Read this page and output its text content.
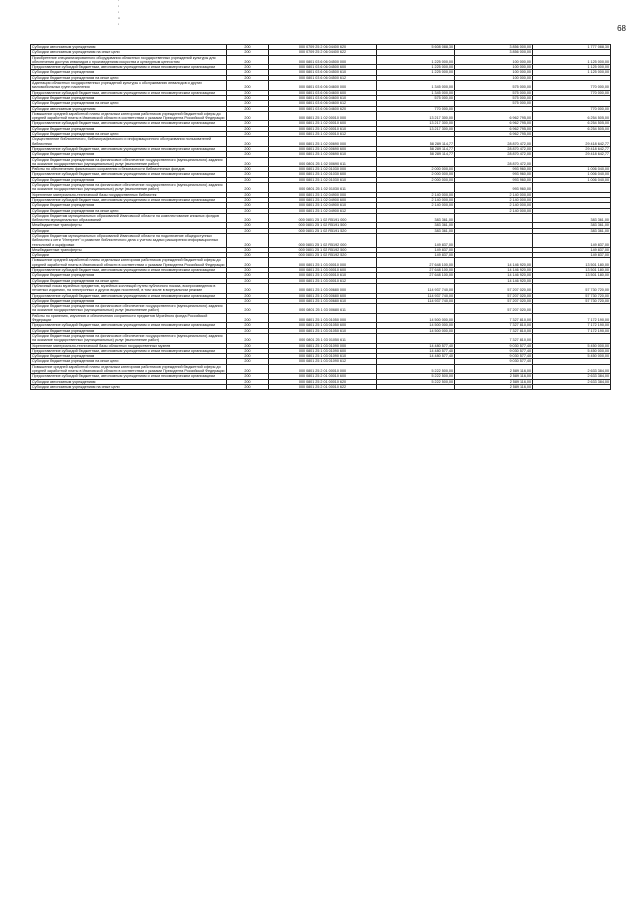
'
'
'
''
'	68
Субсидии автономным учреждениям	200	000 0709 25 2 06 04400 620	5 608 088,30	3 856 000,00	1 777 088,30
Субсидии автономным учреждениям на иные цели	200	000 0709 25 2 06 04400 622		3 856 000,00	
Приобретение специализированного оборудования областных государственных учреждений культуры для обеспечения доступа инвалидов к произведениям искусства и культурным ценностям	200	000 0801 03 6 06 04500 000	1 225 000,00	100 000,00	1 125 000,00
Предоставление субсидий бюджетным, автономным учреждениям и иным некоммерческим организациям	200	000 0801 03 6 06 04500 600	1 225 000,00	100 000,00	1 125 000,00
Субсидии бюджетным учреждениям	200	000 0801 03 6 06 04500 610	1 225 000,00	100 000,00	1 125 000,00
Субсидии бюджетным учреждениям на иные цели	200	000 0801 03 6 06 04500 612		100 000,00	
Адаптация областных государственных учреждений культуры к обслуживанию инвалидов и других маломобильных групп населения	200	000 0801 03 6 06 04600 000	1 345 000,00	575 000,00	770 000,00
Предоставление субсидий бюджетным, автономным учреждениям и иным некоммерческим организациям	200	000 0801 03 6 06 04600 600	1 345 000,00	575 000,00	770 000,00
Субсидии бюджетным учреждениям	200	000 0801 03 6 06 04600 610	575 000,00	575 000,00	
Субсидии бюджетным учреждениям на иные цели	200	000 0801 03 6 06 04600 612		575 000,00	
Субсидии автономным учреждениям	200	000 0801 03 6 06 04600 620	770 000,00		770 000,00
Повышение средней заработной платы отдельным категориям работников учреждений бюджетной сферы до средней заработной платы в Ивановской области в соответствии с указами Президента Российской Федерации	200	000 0801 25 1 02 00010 000	13 217 300,00	6 962 795,00	6 254 505,00
Предоставление субсидий бюджетным, автономным учреждениям и иным некоммерческим организациям	200	000 0801 25 1 02 00010 600	13 217 300,00	6 962 795,00	6 254 505,00
Субсидии бюджетным учреждениям	200	000 0801 25 1 02 00010 610	13 217 300,00	6 962 795,00	6 254 505,00
Субсидии бюджетным учреждениям на иные цели	200	000 0801 25 1 02 00010 612		6 962 795,00	
Осуществление библиотечного, библиографического и информационного обслуживания пользователей библиотеки	200	000 0801 25 1 02 00690 000	58 289 114,77	28 870 472,00	29 418 642,77
Предоставление субсидий бюджетным, автономным учреждениям и иным некоммерческим организациям	200	000 0801 25 1 02 00690 600	58 289 114,77	28 870 472,00	29 418 642,77
Субсидии бюджетным учреждениям	200	000 0801 25 1 02 00690 610	58 289 114,77	28 870 472,00	29 418 642,77
Субсидии бюджетным учреждениям на финансовое обеспечение государственного (муниципального) задания на оказание государственных (муниципальных) услуг (выполнение работ)	200	000 0801 25 1 02 00690 611		28 870 472,00	
Работы по обеспечению физического сохранения и безопасности библиотечных фондов	200	000 0801 25 1 02 01030 000	2 000 000,00	993 960,00	1 006 040,00
Предоставление субсидий бюджетным, автономным учреждениям и иным некоммерческим организациям	200	000 0801 25 1 02 01030 600	2 000 000,00	993 960,00	1 006 040,00
Субсидии бюджетным учреждениям	200	000 0801 25 1 02 01030 610	2 000 000,00	993 960,00	1 006 040,00
Субсидии бюджетным учреждениям на финансовое обеспечение государственного (муниципального) задания на оказание государственных (муниципальных) услуг (выполнение работ)	200	000 0801 25 1 02 01030 611		993 960,00	
Укрепление материально-технической базы государственных библиотек	200	000 0801 25 1 02 04900 000	2 140 000,00	2 140 000,00	
Предоставление субсидий бюджетным, автономным учреждениям и иным некоммерческим организациям	200	000 0801 25 1 02 04900 600	2 140 000,00	2 140 000,00	
Субсидии бюджетным учреждениям	200	000 0801 25 1 02 04900 610	2 140 000,00	2 140 000,00	
Субсидии бюджетным учреждениям на иные цели	200	000 0801 25 1 02 04900 612		2 140 000,00	
Субсидия бюджетам муниципальных образований Ивановской области на комплектование книжных фондов библиотек муниципальных образований	200	000 0801 25 1 02 R5191 000	383 361,00		383 361,00
Межбюджетные трансферты	200	000 0801 25 1 02 R5191 500	383 361,00		383 361,00
Субсидии	200	000 0801 25 1 02 R5191 520	383 361,00		383 361,00
Субсидия бюджетам муниципальных образований Ивановской области на подключение общедоступных библиотек к сети "Интернет" и развитие библиотечного дела с учетом задачи расширения информационных технологий и оцифровки	200	000 0801 25 1 02 R5192 000	149 837,00		149 837,00
Межбюджетные трансферты	200	000 0801 25 1 02 R5192 500	149 837,00		149 837,00
Субсидии	200	000 0801 25 1 02 R5192 520	149 837,00		149 837,00
Повышение средней заработной платы отдельным категориям работников учреждений бюджетной сферы до средней заработной платы в Ивановской области в соответствии с указами Президента Российской Федерации	200	000 0801 25 1 03 00010 000	27 648 100,00	14 146 920,00	13 501 180,00
Предоставление субсидий бюджетным, автономным учреждениям и иным некоммерческим организациям	200	000 0801 25 1 03 00010 600	27 648 100,00	14 146 920,00	13 501 180,00
Субсидии бюджетным учреждениям	200	000 0801 25 1 03 00010 610	27 648 100,00	14 146 920,00	13 501 180,00
Субсидии бюджетным учреждениям на иные цели	200	000 0801 25 1 03 00010 612		14 146 920,00	
Публичный показ музейных предметов, музейных коллекций путем публичного показа, воспроизведения в печатных изданиях, на электронных и других видах носителей, в том числе в виртуальном режиме	200	000 0801 25 1 03 00680 000	114 937 740,00	57 207 020,00	57 730 720,00
Предоставление субсидий бюджетным, автономным учреждениям и иным некоммерческим организациям	200	000 0801 25 1 03 00680 600	114 937 740,00	57 207 020,00	57 730 720,00
Субсидии бюджетным учреждениям	200	000 0801 25 1 03 00680 610	114 937 740,00	57 207 020,00	57 730 720,00
Субсидии бюджетным учреждениям на финансовое обеспечение государственного (муниципального) задания на оказание государственных (муниципальных) услуг (выполнение работ)	200	000 0801 25 1 03 00680 611		57 207 020,00	
Работы по хранению, изучению и обеспечению сохранности предметов Музейного фонда Российской Федерации	200	000 0801 25 1 03 01050 000	14 500 000,00	7 327 810,00	7 172 190,00
Предоставление субсидий бюджетным, автономным учреждениям и иным некоммерческим организациям	200	000 0801 25 1 03 01050 600	14 500 000,00	7 327 810,00	7 172 190,00
Субсидии бюджетным учреждениям	200	000 0801 25 1 03 01050 610	14 500 000,00	7 327 810,00	7 172 190,00
Субсидии бюджетным учреждениям на финансовое обеспечение государственного (муниципального) задания на оказание государственных (муниципальных) услуг (выполнение работ)	200	000 0801 25 1 03 01050 611		7 327 810,00	
Укрепление материально-технической базы областных государственных музеев	200	000 0801 25 1 03 01090 000	14 480 577,40	9 030 577,40	5 450 000,00
Предоставление субсидий бюджетным, автономным учреждениям и иным некоммерческим организациям	200	000 0801 25 1 03 01090 600	14 480 577,40	9 030 577,40	5 450 000,00
Субсидии бюджетным учреждениям	200	000 0801 25 1 03 01090 610	14 480 577,40	9 030 577,40	5 450 000,00
Субсидии бюджетным учреждениям на иные цели	200	000 0801 25 1 03 01090 612		9 030 577,40	
Повышение средней заработной платы отдельным категориям работников учреждений бюджетной сферы до средней заработной платы в Ивановской области в соответствии с указами Президента Российской Федерации	200	000 0801 25 2 01 00010 000	5 222 500,00	2 589 116,00	2 633 384,00
Предоставление субсидий бюджетным, автономным учреждениям и иным некоммерческим организациям	200	000 0801 25 2 01 00010 600	5 222 500,00	2 589 116,00	2 633 384,00
Субсидии автономным учреждениям	200	000 0801 25 2 01 00010 620	5 222 500,00	2 589 116,00	2 633 384,00
Субсидии автономным учреждениям на иные цели	200	000 0801 25 2 01 00010 622		2 589 116,00	
